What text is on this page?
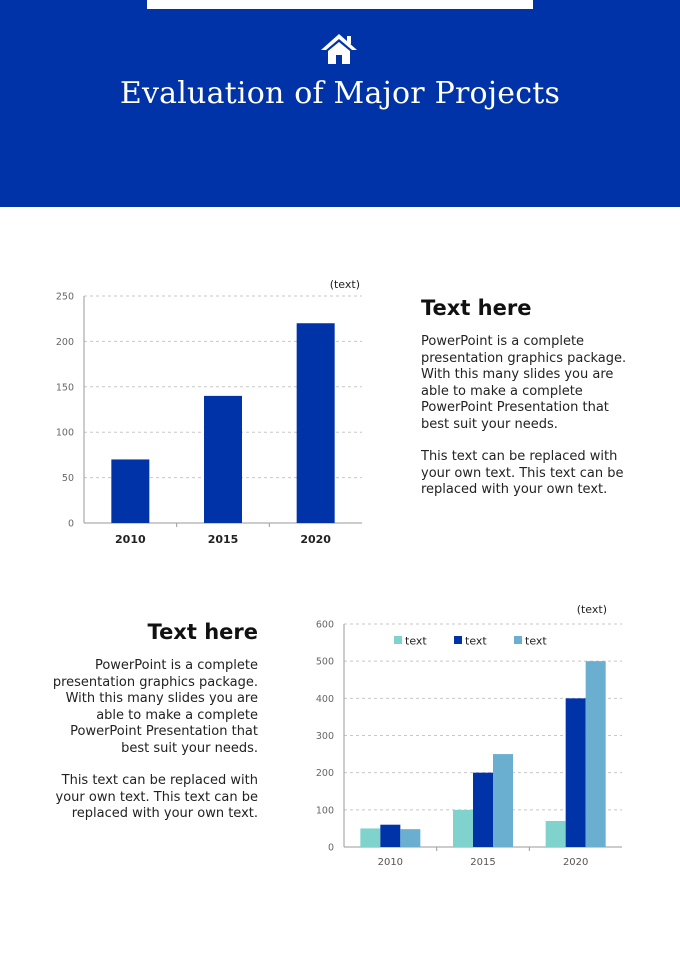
Evaluation of Major Projects
0
50
100
150
200
250
(text)
2010	2015	2020
Text here

PowerPoint is a complete presentation graphics package. With this many slides you are able to make a complete PowerPoint Presentation that best suit your needs.

This text can be replaced with your own text. This text can be replaced with your own text.

Text here

PowerPoint is a complete presentation graphics package. With this many slides you are able to make a complete PowerPoint Presentation that best suit your needs.

This text can be replaced with your own text. This text can be replaced with your own text.

0
100
200
300
400
500
600
(text)
text	text	text
2010	2015	2020
